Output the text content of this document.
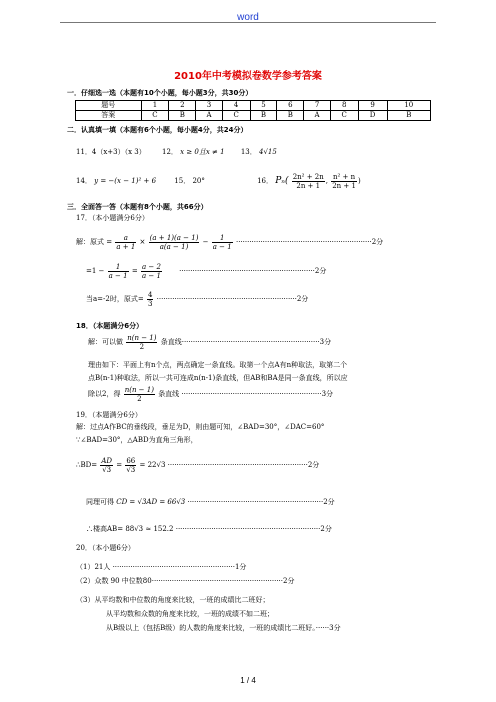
word
2010年中考模拟卷数学参考答案
一．仔细选一选（本题有10个小题，每小题3分，共30分）
题号	1	2	3	4	5	6	7	8	9	10
答案	C	B	A	C	B	B	A	C	D	B
二．认真填一填（本题有6个小题，每小题4分，共24分）
11．4（x+3）（x 3） 12． x ≥ 0且x ≠ 1 13． 4√15
14． y = −(x − 1)² + 6	15． 20°	16． $P_n( \frac{\text{2n² + 2n}}{2n + 1}$ , $\frac{\text{n² + n}}{2n + 1}$ )
三．全面答一答（本题有8个小题，共66分）
17．（本小题满分6分）
解：原式 = $\frac{a}{a + 1} \times \frac{(a + 1)(a - 1)}{a(a - 1)} - \frac{1}{a - 1} \cdot\cdot\cdot\cdot\cdot\cdot\cdot\cdot\cdot\cdot\cdot\cdot\cdot\cdot\cdot\cdot\cdot\cdot\cdot\cdot\cdot\cdot\cdot\cdot\cdot\cdot\cdot\cdot\cdot\cdot\cdot\cdot\cdot\cdot\cdot\cdot\cdot\cdot\cdot\cdot\cdot\cdot\cdot\cdot\cdot\cdot\cdot\cdot\cdot\cdot\cdot\cdot\cdot\cdot\cdot\cdot\cdot\cdot\cdot\cdot\cdot 2$分
$=1 - \frac{1}{a - 1} = \frac{a - 2}{a - 1} \cdot\cdot\cdot\cdot\cdot\cdot\cdot\cdot\cdot\cdot\cdot\cdot\cdot\cdot\cdot\cdot\cdot\cdot\cdot\cdot\cdot\cdot\cdot\cdot\cdot\cdot\cdot\cdot\cdot\cdot\cdot\cdot\cdot\cdot\cdot\cdot\cdot\cdot\cdot\cdot\cdot\cdot\cdot\cdot\cdot\cdot\cdot\cdot\cdot\cdot\cdot\cdot\cdot\cdot\cdot\cdot\cdot\cdot\cdot\cdot\cdot 2$分
当a=-2时，原式= $\frac{4}{3} \cdot\cdot\cdot\cdot\cdot\cdot\cdot\cdot\cdot\cdot\cdot\cdot\cdot\cdot\cdot\cdot\cdot\cdot\cdot\cdot\cdot\cdot\cdot\cdot\cdot\cdot\cdot\cdot\cdot\cdot\cdot\cdot\cdot\cdot\cdot\cdot\cdot\cdot\cdot\cdot\cdot\cdot\cdot\cdot\cdot\cdot\cdot\cdot\cdot\cdot\cdot\cdot\cdot\cdot\cdot\cdot\cdot\cdot\cdot\cdot\cdot\cdot\cdot 2$分
18．（本题满分6分）
解：可以做 $\frac{n(n - 1)}{2}$ 条直线······························································3分
理由如下：平面上有n个点，两点确定一条直线。取第一个点A有n种取法，取第二个
点B(n-1)种取法，所以一共可连成n(n-1)条直线，但AB和BA是同一条直线，所以应
除以2，得 $\frac{n(n - 1)}{2}$ 条直线 ·······························································3分
19．（本题满分6分）
解：过点A作BC的垂线段，垂足为D，则由题可知，∠BAD=30°，∠DAC=60°
∵∠BAD=30°，△ABD为直角三角形，
∴BD= $\frac{AD}{√3} = \frac{66}{√3} = 22√3 \cdot\cdot\cdot\cdot\cdot\cdot\cdot\cdot\cdot\cdot\cdot\cdot\cdot\cdot\cdot\cdot\cdot\cdot\cdot\cdot\cdot\cdot\cdot\cdot\cdot\cdot\cdot\cdot\cdot\cdot\cdot\cdot\cdot\cdot\cdot\cdot\cdot\cdot\cdot\cdot\cdot\cdot\cdot\cdot\cdot\cdot\cdot\cdot\cdot\cdot\cdot\cdot\cdot\cdot\cdot\cdot\cdot\cdot\cdot\cdot\cdot\cdot\cdot 2$分
同理可得 CD = √3AD = 66√3 ·····························································2分
∴楼高AB= 88√3 ≈ 152.2 ·································································2分
20．（本小题6分）
（1）21人 ·······················································1分
（2）众数 90 中位数80···························································2分
（3）从平均数和中位数的角度来比较，一班的成绩比二班好；
从平均数和众数的角度来比较，一班的成绩不如二班；
从B级以上（包括B级）的人数的角度来比较，一班的成绩比二班好。······3分
1 / 4
